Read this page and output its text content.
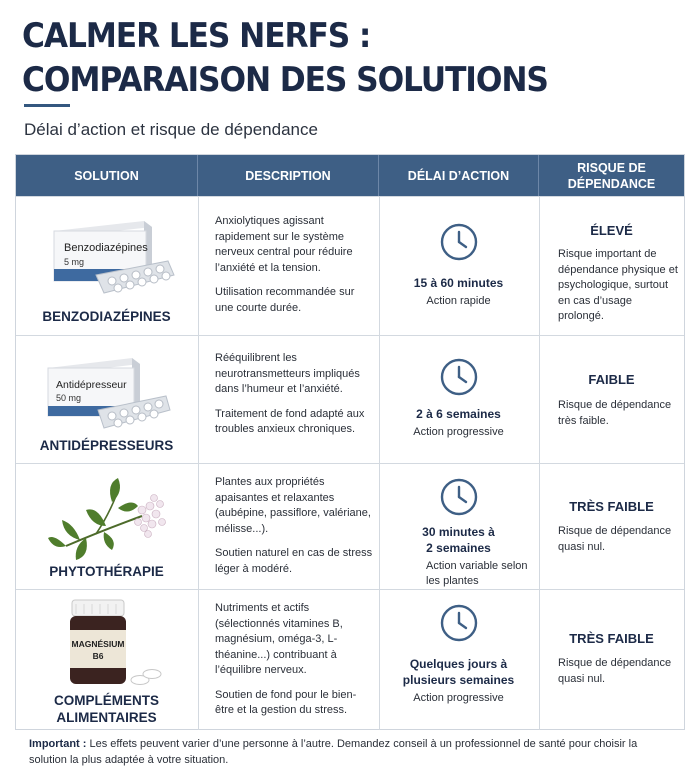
CALMER LES NERFS :
COMPARAISON DES SOLUTIONS
Délai d’action et risque de dépendance
SOLUTION	DESCRIPTION	DÉLAI D’ACTION
RISQUE DE
DÉPENDANCE
Benzodiazépines
5 mg
BENZODIAZÉPINES

Anxiolytiques agissant rapidement sur le système nerveux central pour réduire l’anxiété et la tension.

Utilisation recommandée sur une courte durée.

15 à 60 minutes
Action rapide
ÉLEVÉ
Risque important de dépendance physique et psychologique, surtout en cas d’usage prolongé.
Antidépresseur
50 mg
ANTIDÉPRESSEURS

Rééquilibrent les neurotransmetteurs impliqués dans l’humeur et l’anxiété.

Traitement de fond adapté aux troubles anxieux chroniques.

2 à 6 semaines
Action progressive
FAIBLE
Risque de dépendance très faible.
PHYTOTHÉRAPIE

Plantes aux propriétés apaisantes et relaxantes (aubépine, passiflore, valériane, mélisse...).

Soutien naturel en cas de stress léger à modéré.

30 minutes à
2 semaines
Action variable selon
les plantes
TRÈS FAIBLE
Risque de dépendance quasi nul.
MAGNÉSIUM
B6
COMPLÉMENTS
ALIMENTAIRES

Nutriments et actifs (sélectionnés vitamines B, magnésium, oméga-3, L-théanine...) contribuant à l’équilibre nerveux.

Soutien de fond pour le bien-être et la gestion du stress.

Quelques jours à
plusieurs semaines
Action progressive
TRÈS FAIBLE
Risque de dépendance quasi nul.
Important : Les effets peuvent varier d’une personne à l’autre. Demandez conseil à un professionnel de santé pour choisir la solution la plus adaptée à votre situation.
